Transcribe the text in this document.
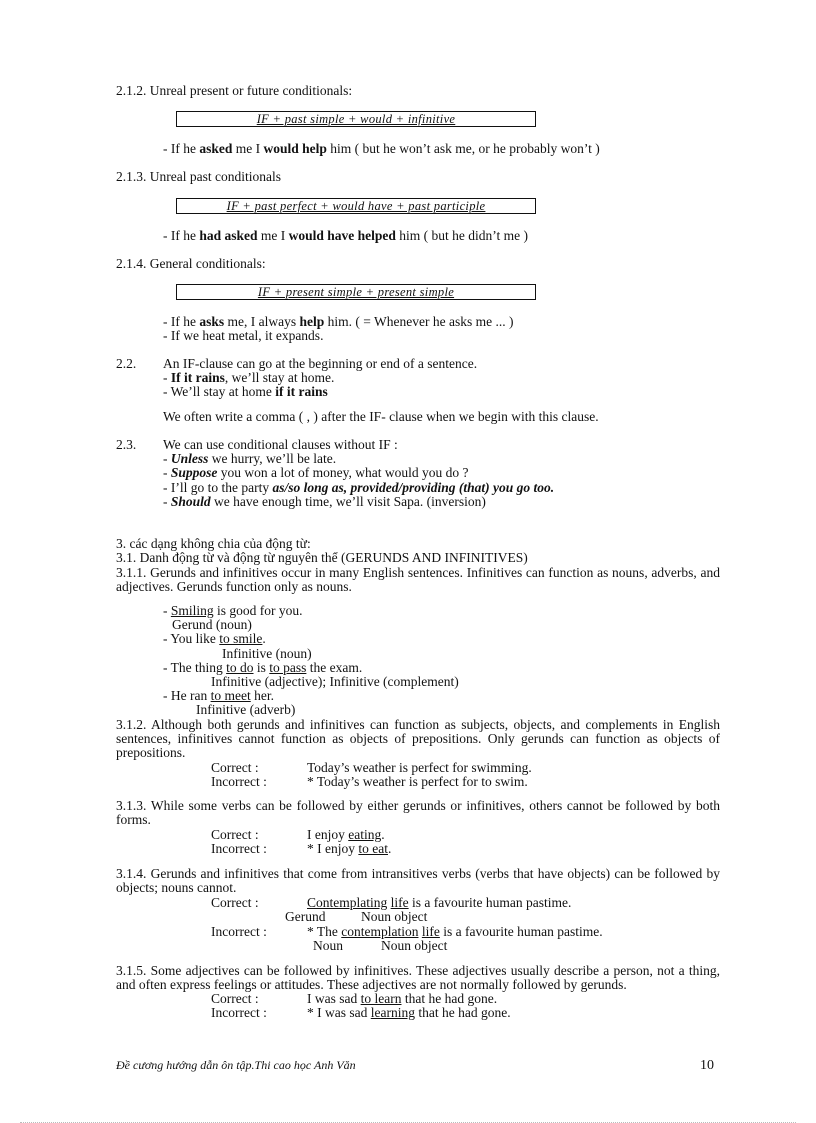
2.1.2. Unreal present or future conditionals:
IF + past simple + would + infinitive
- If he asked me I would help him ( but he won’t ask me, or he probably won’t )
2.1.3. Unreal past conditionals
IF + past perfect + would have + past participle
- If he had asked me I would have helped him ( but he didn’t me )
2.1.4. General conditionals:
IF + present simple + present simple
- If he asks me, I always help him. ( = Whenever he asks me ... )
- If we heat metal, it expands.
2.2. An IF-clause can go at the beginning or end of a sentence.
- If it rains, we’ll stay at home.
- We’ll stay at home if it rains
We often write a comma ( , ) after the IF- clause when we begin with this clause.
2.3. We can use conditional clauses without IF :
- Unless we hurry, we’ll be late.
- Suppose you won a lot of money, what would you do ?
- I’ll go to the party as/so long as, provided/providing (that) you go too.
- Should we have enough time, we’ll visit Sapa. (inversion)
3. các dạng không chia của động từ:
3.1. Danh động từ và động từ nguyên thể (GERUNDS AND INFINITIVES)
3.1.1. Gerunds and infinitives occur in many English sentences. Infinitives can function as nouns, adverbs, and adjectives. Gerunds function only as nouns.
- Smiling is good for you.
Gerund (noun)
- You like to smile.
Infinitive (noun)
- The thing to do is to pass the exam.
Infinitive (adjective); Infinitive (complement)
- He ran to meet her.
Infinitive (adverb)
3.1.2. Although both gerunds and infinitives can function as subjects, objects, and complements in English sentences, infinitives cannot function as objects of prepositions. Only gerunds can function as objects of prepositions.
Correct :	Today’s weather is perfect for swimming.
Incorrect :	* Today’s weather is perfect for to swim.
3.1.3. While some verbs can be followed by either gerunds or infinitives, others cannot be followed by both forms.
Correct :	I enjoy eating.
Incorrect :	* I enjoy to eat.
3.1.4. Gerunds and infinitives that come from intransitives verbs (verbs that have objects) can be followed by objects; nouns cannot.
Correct :	Contemplating life is a favourite human pastime.
Gerund	Noun object
Incorrect :	* The contemplation life is a favourite human pastime.
Noun	Noun object
3.1.5. Some adjectives can be followed by infinitives. These adjectives usually describe a person, not a thing, and often express feelings or attitudes. These adjectives are not normally followed by gerunds.
Correct :	I was sad to learn that he had gone.
Incorrect :	* I was sad learning that he had gone.
Đề cương hướng dẫn ôn tập.Thi cao học Anh Văn	10
